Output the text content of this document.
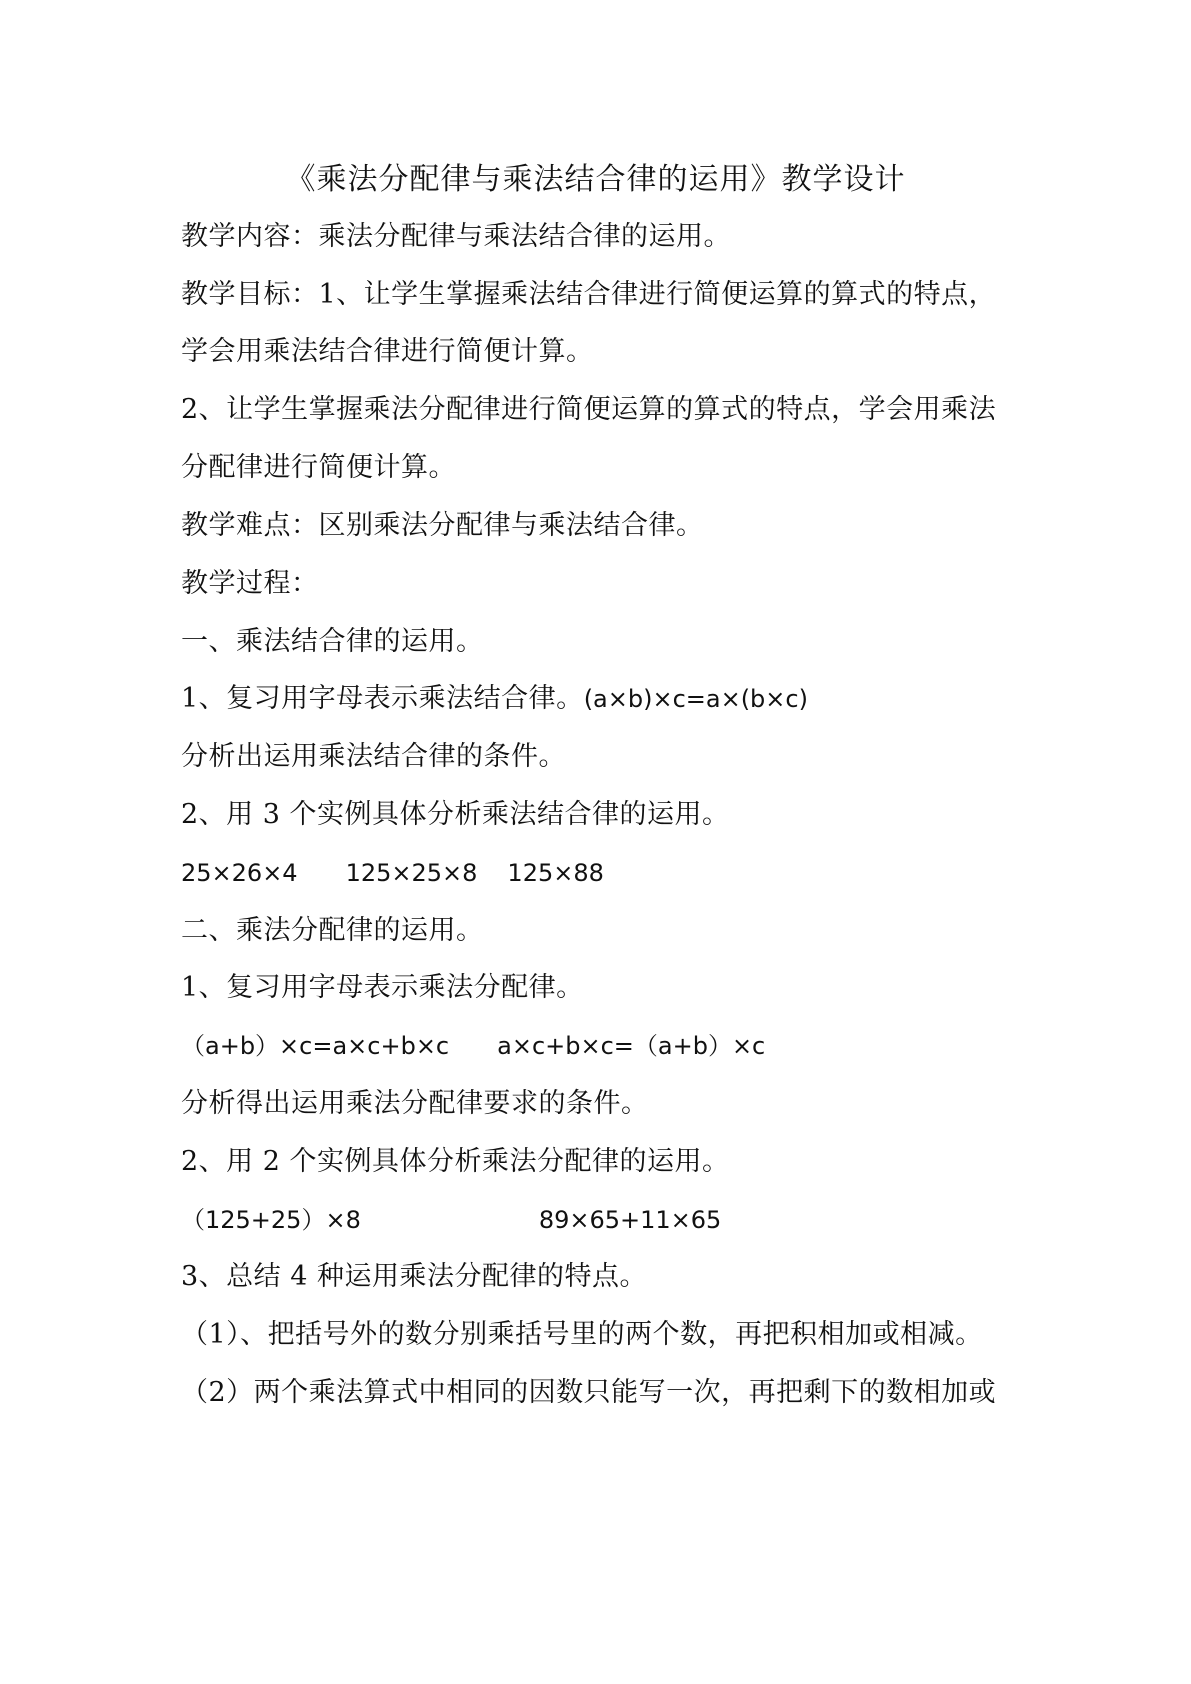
《乘法分配律与乘法结合律的运用》教学设计
教学内容：乘法分配律与乘法结合律的运用。
教学目标：1、让学生掌握乘法结合律进行简便运算的算式的特点，
学会用乘法结合律进行简便计算。
2、让学生掌握乘法分配律进行简便运算的算式的特点，学会用乘法
分配律进行简便计算。
教学难点：区别乘法分配律与乘法结合律。
教学过程：
一、乘法结合律的运用。
1、复习用字母表示乘法结合律。(a×b)×c=a×(b×c)
分析出运用乘法结合律的条件。
2、用 3 个实例具体分析乘法结合律的运用。
25×26×4 125×25×8 125×88
二、乘法分配律的运用。
1、复习用字母表示乘法分配律。
（a+b）×c=a×c+b×c a×c+b×c=（a+b）×c
分析得出运用乘法分配律要求的条件。
2、用 2 个实例具体分析乘法分配律的运用。
（125+25）×8	89×65+11×65
3、总结 4 种运用乘法分配律的特点。
（1）、把括号外的数分别乘括号里的两个数，再把积相加或相减。
（2）两个乘法算式中相同的因数只能写一次，再把剩下的数相加或
